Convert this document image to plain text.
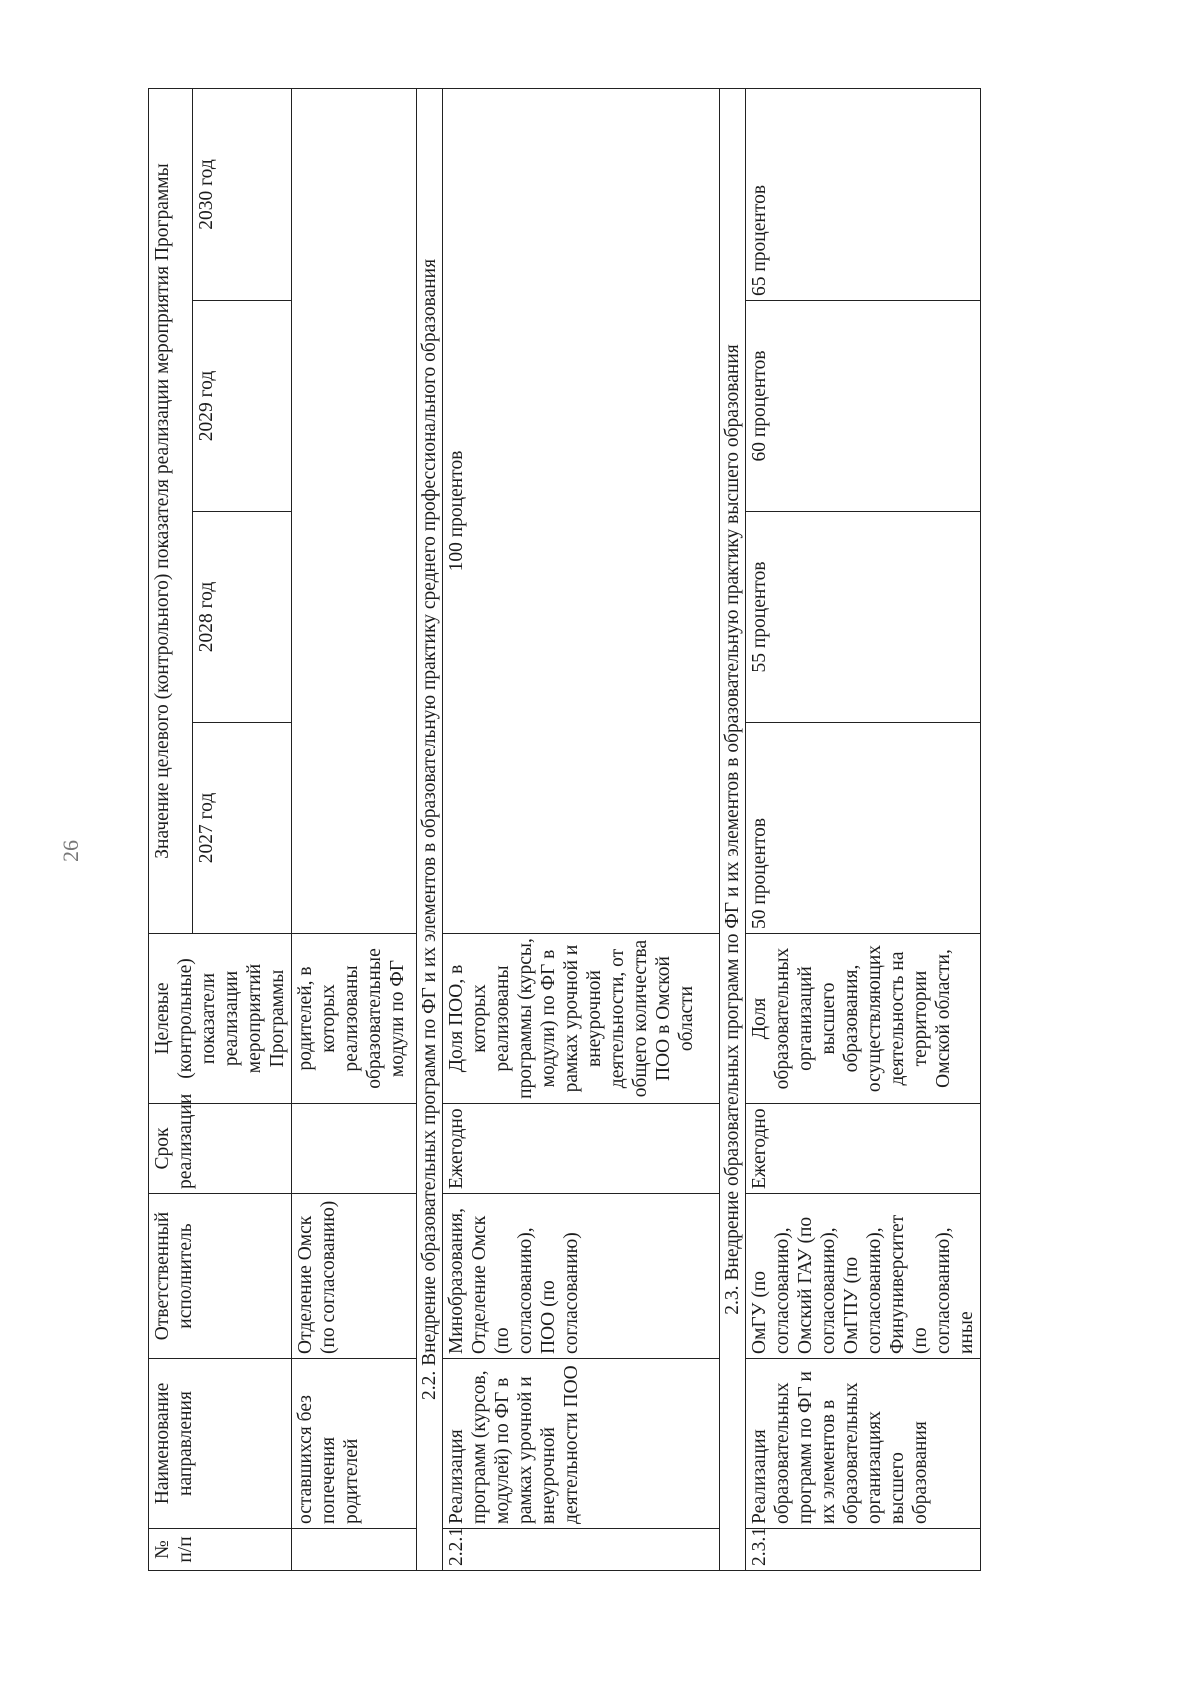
26
№ п/п	Наименование направления	Ответственный исполнитель	Срок реализации	Целевые (контрольные) показатели реализации мероприятий Программы	Значение целевого (контрольного) показателя реализации мероприятия Программы			
					2027 год	2028 год	2029 год	2030 год
	оставшихся без попечения родителей	Отделение Омск (по согласованию)		родителей, в которых реализованы образовательные модули по ФГ				
2.2. Внедрение образовательных программ по ФГ и их элементов в образовательную практику среднего профессионального образования								
2.2.1	Реализация программ (курсов, модулей) по ФГ в рамках урочной и внеурочной деятельности ПОО	Минобразования, Отделение Омск (по согласованию), ПОО (по согласованию)	Ежегодно	Доля ПОО, в которых реализованы программы (курсы, модули) по ФГ в рамках урочной и внеурочной деятельности, от общего количества ПОО в Омской области	100 процентов			
2.3. Внедрение образовательных программ по ФГ и их элементов в образовательную практику высшего образования								
2.3.1	Реализация образовательных программ по ФГ и их элементов в образовательных организациях высшего образования	ОмГУ (по согласованию), Омский ГАУ (по согласованию), ОмГПУ (по согласованию), Финуниверситет (по согласованию), иные	Ежегодно	Доля образовательных организаций высшего образования, осуществляющих деятельность на территории Омской области,	50 процентов	55 процентов	60 процентов	65 процентов
